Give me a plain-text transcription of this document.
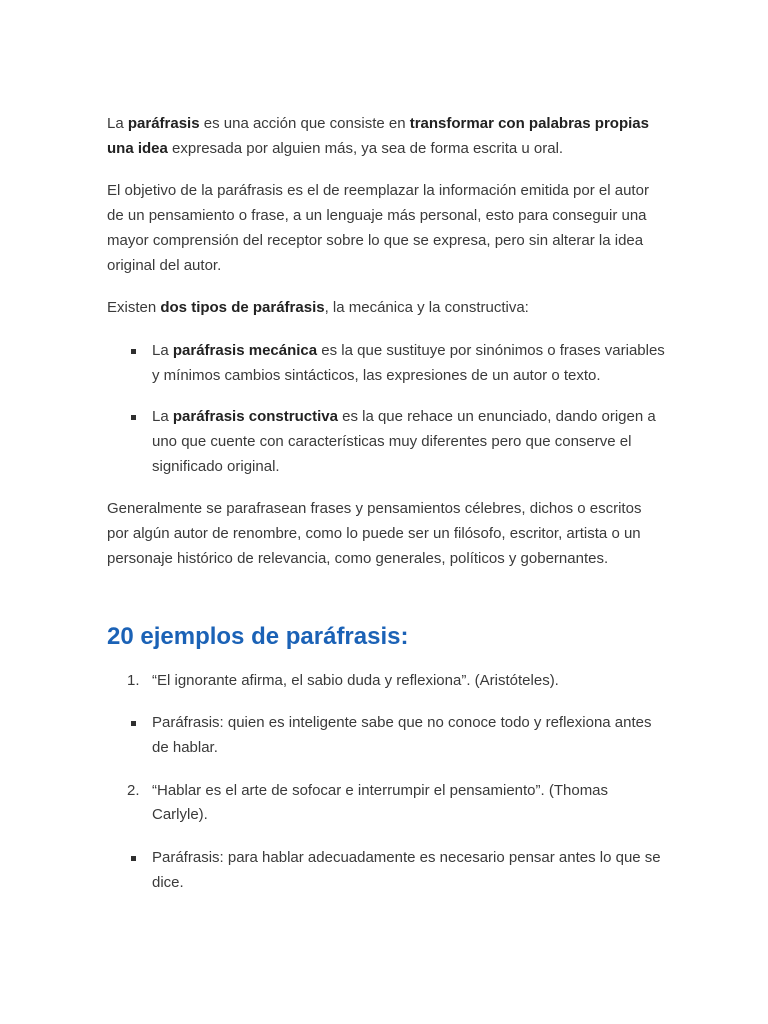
La paráfrasis es una acción que consiste en transformar con palabras propias una idea expresada por alguien más, ya sea de forma escrita u oral.

El objetivo de la paráfrasis es el de reemplazar la información emitida por el autor de un pensamiento o frase, a un lenguaje más personal, esto para conseguir una mayor comprensión del receptor sobre lo que se expresa, pero sin alterar la idea original del autor.

Existen dos tipos de paráfrasis, la mecánica y la constructiva:

La paráfrasis mecánica es la que sustituye por sinónimos o frases variables y mínimos cambios sintácticos, las expresiones de un autor o texto.
La paráfrasis constructiva es la que rehace un enunciado, dando origen a uno que cuente con características muy diferentes pero que conserve el significado original.

Generalmente se parafrasean frases y pensamientos célebres, dichos o escritos por algún autor de renombre, como lo puede ser un filósofo, escritor, artista o un personaje histórico de relevancia, como generales, políticos y gobernantes.

20 ejemplos de paráfrasis:
1. “El ignorante afirma, el sabio duda y reflexiona”. (Aristóteles).
Paráfrasis: quien es inteligente sabe que no conoce todo y reflexiona antes de hablar.
2. “Hablar es el arte de sofocar e interrumpir el pensamiento”. (Thomas Carlyle).
Paráfrasis: para hablar adecuadamente es necesario pensar antes lo que se dice.
